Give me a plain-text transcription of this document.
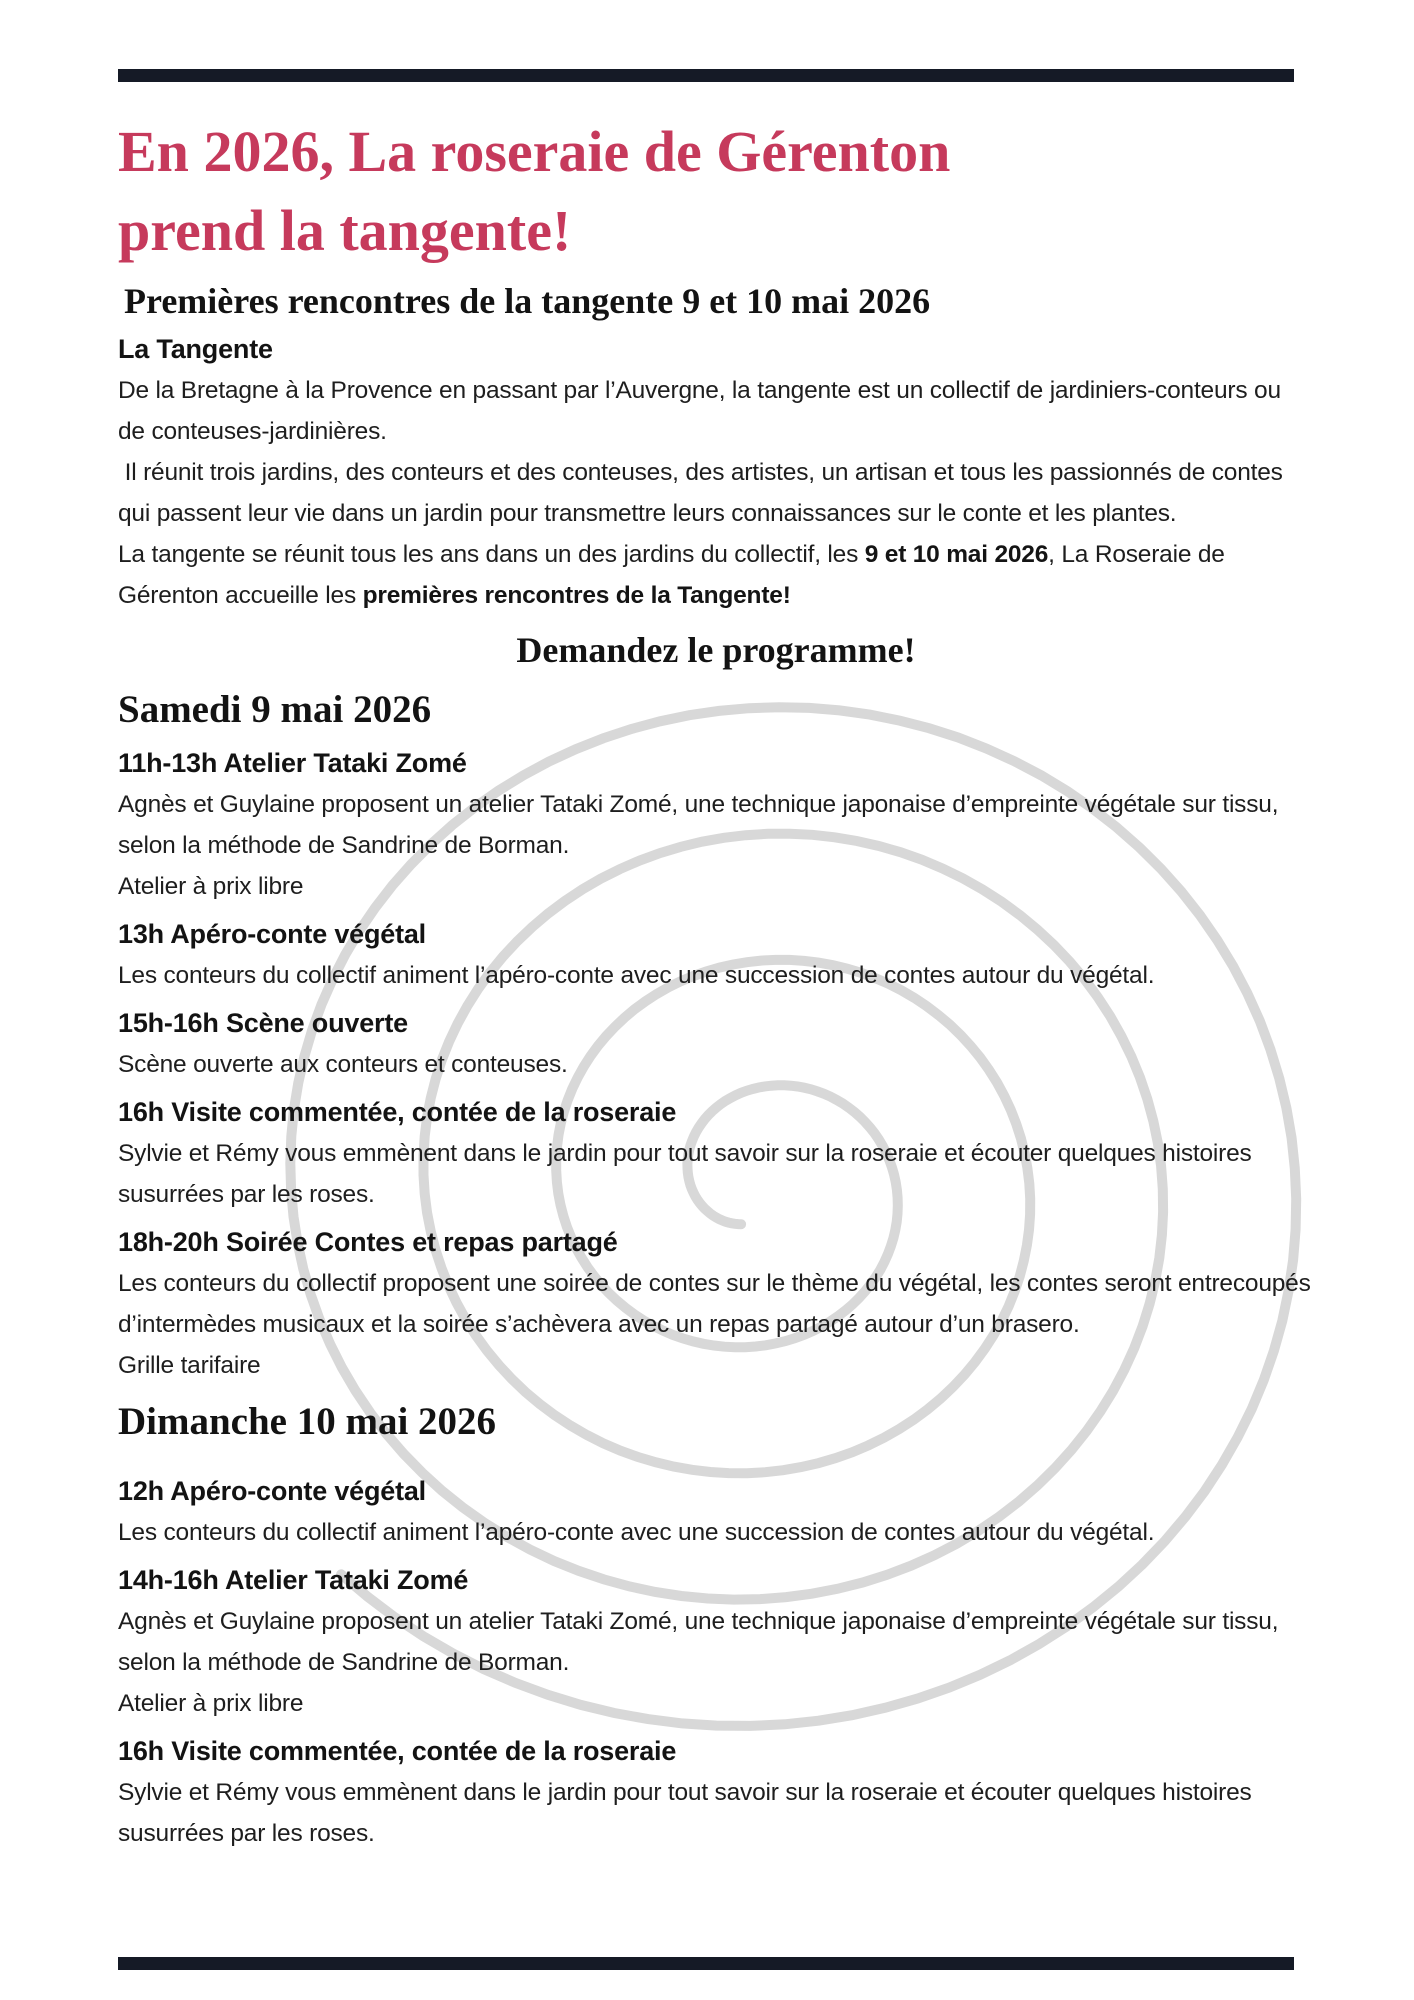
En 2026, La roseraie de Gérenton
prend la tangente!
Premières rencontres de la tangente 9 et 10 mai 2026
La Tangente

De la Bretagne à la Provence en passant par l’Auvergne, la tangente est un collectif de jardiniers-conteurs ou de conteuses-jardinières.

Il réunit trois jardins, des conteurs et des conteuses, des artistes, un artisan et tous les passionnés de contes qui passent leur vie dans un jardin pour transmettre leurs connaissances sur le conte et les plantes.

La tangente se réunit tous les ans dans un des jardins du collectif, les 9 et 10 mai 2026, La Roseraie de Gérenton accueille les premières rencontres de la Tangente!

Demandez le programme!

Samedi 9 mai 2026
11h-13h Atelier Tataki Zomé

Agnès et Guylaine proposent un atelier Tataki Zomé, une technique japonaise d’empreinte végétale sur tissu, selon la méthode de Sandrine de Borman.

Atelier à prix libre

13h Apéro-conte végétal

Les conteurs du collectif animent l’apéro-conte avec une succession de contes autour du végétal.

15h-16h Scène ouverte

Scène ouverte aux conteurs et conteuses.

16h Visite commentée, contée de la roseraie

Sylvie et Rémy vous emmènent dans le jardin pour tout savoir sur la roseraie et écouter quelques histoires susurrées par les roses.

18h-20h Soirée Contes et repas partagé

Les conteurs du collectif proposent une soirée de contes sur le thème du végétal, les contes seront entrecoupés d’intermèdes musicaux et la soirée s’achèvera avec un repas partagé autour d’un brasero.

Grille tarifaire

Dimanche 10 mai 2026
12h Apéro-conte végétal

Les conteurs du collectif animent l’apéro-conte avec une succession de contes autour du végétal.

14h-16h Atelier Tataki Zomé

Agnès et Guylaine proposent un atelier Tataki Zomé, une technique japonaise d’empreinte végétale sur tissu, selon la méthode de Sandrine de Borman.

Atelier à prix libre

16h Visite commentée, contée de la roseraie

Sylvie et Rémy vous emmènent dans le jardin pour tout savoir sur la roseraie et écouter quelques histoires susurrées par les roses.
